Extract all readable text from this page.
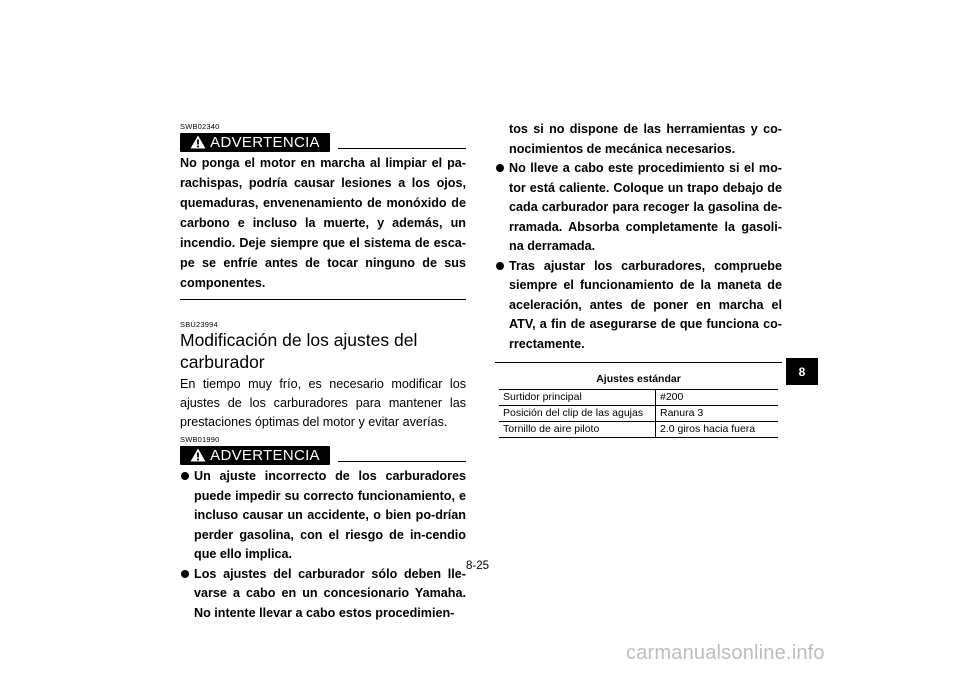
SWB02340
ADVERTENCIA

No ponga el motor en marcha al limpiar el pa-rachispas, podría causar lesiones a los ojos, quemaduras, envenenamiento de monóxido de carbono e incluso la muerte, y además, un incendio. Deje siempre que el sistema de esca-pe se enfríe antes de tocar ninguno de sus componentes.

SBU23994
Modificación de los ajustes del
carburador

En tiempo muy frío, es necesario modificar los ajustes de los carburadores para mantener las prestaciones óptimas del motor y evitar averías.

SWB01990
ADVERTENCIA
Un ajuste incorrecto de los carburadores puede impedir su correcto funcionamiento, e incluso causar un accidente, o bien po-drían perder gasolina, con el riesgo de in-cendio que ello implica.
Los ajustes del carburador sólo deben lle-varse a cabo en un concesionario Yamaha. No intente llevar a cabo estos procedimien-

tos si no dispone de las herramientas y co-nocimientos de mecánica necesarios.

No lleve a cabo este procedimiento si el mo-tor está caliente. Coloque un trapo debajo de cada carburador para recoger la gasolina de-rramada. Absorba completamente la gasoli-na derramada.
Tras ajustar los carburadores, compruebe siempre el funcionamiento de la maneta de aceleración, antes de poner en marcha el ATV, a fin de asegurarse de que funciona co-rrectamente.
Ajustes estándar	
Surtidor principal	#200
Posición del clip de las agujas	Ranura 3
Tornillo de aire piloto	2.0 giros hacia fuera
8
8-25
carmanualsonline.info
